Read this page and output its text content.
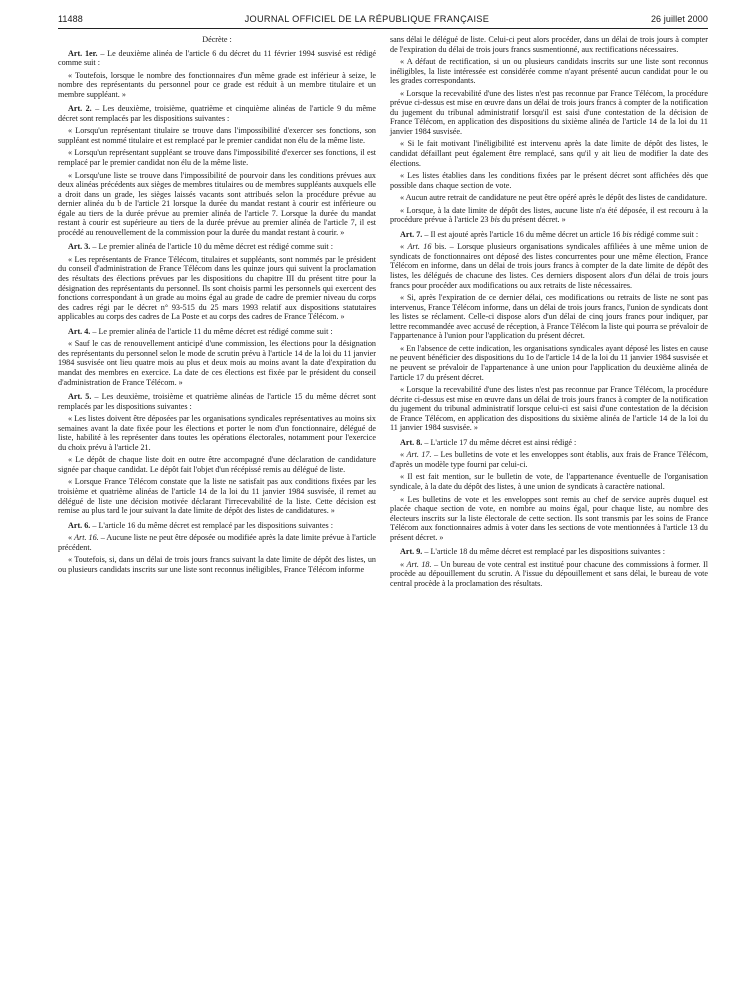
11488	JOURNAL OFFICIEL DE LA RÉPUBLIQUE FRANÇAISE	26 juillet 2000

Décrète :

Art. 1er. – Le deuxième alinéa de l'article 6 du décret du 11 février 1994 susvisé est rédigé comme suit :

« Toutefois, lorsque le nombre des fonctionnaires d'un même grade est inférieur à seize, le nombre des représentants du personnel pour ce grade est réduit à un membre titulaire et un membre suppléant. »

Art. 2. – Les deuxième, troisième, quatrième et cinquième alinéas de l'article 9 du même décret sont remplacés par les dispositions suivantes :

« Lorsqu'un représentant titulaire se trouve dans l'impossibilité d'exercer ses fonctions, son suppléant est nommé titulaire et est remplacé par le premier candidat non élu de la même liste.

« Lorsqu'un représentant suppléant se trouve dans l'impossibilité d'exercer ses fonctions, il est remplacé par le premier candidat non élu de la même liste.

« Lorsqu'une liste se trouve dans l'impossibilité de pourvoir dans les conditions prévues aux deux alinéas précédents aux sièges de membres titulaires ou de membres suppléants auxquels elle a droit dans un grade, les sièges laissés vacants sont attribués selon la procédure prévue au dernier alinéa du b de l'article 21 lorsque la durée du mandat restant à courir est inférieure ou égale au tiers de la durée prévue au premier alinéa de l'article 7. Lorsque la durée du mandat restant à courir est supérieure au tiers de la durée prévue au premier alinéa de l'article 7, il est procédé au renouvellement de la commission pour la durée du mandat restant à courir. »

Art. 3. – Le premier alinéa de l'article 10 du même décret est rédigé comme suit :

« Les représentants de France Télécom, titulaires et suppléants, sont nommés par le président du conseil d'administration de France Télécom dans les quinze jours qui suivent la proclamation des résultats des élections prévues par les dispositions du chapitre III du présent titre pour la désignation des représentants du personnel. Ils sont choisis parmi les personnels qui exercent des fonctions correspondant à un grade au moins égal au grade de cadre de premier niveau du corps des cadres régi par le décret n° 93-515 du 25 mars 1993 relatif aux dispositions statutaires applicables au corps des cadres de La Poste et au corps des cadres de France Télécom. »

Art. 4. – Le premier alinéa de l'article 11 du même décret est rédigé comme suit :

« Sauf le cas de renouvellement anticipé d'une commission, les élections pour la désignation des représentants du personnel selon le mode de scrutin prévu à l'article 14 de la loi du 11 janvier 1984 susvisée ont lieu quatre mois au plus et deux mois au moins avant la date d'expiration du mandat des membres en exercice. La date de ces élections est fixée par le président du conseil d'administration de France Télécom. »

Art. 5. – Les deuxième, troisième et quatrième alinéas de l'article 15 du même décret sont remplacés par les dispositions suivantes :

« Les listes doivent être déposées par les organisations syndicales représentatives au moins six semaines avant la date fixée pour les élections et porter le nom d'un fonctionnaire, délégué de liste, habilité à les représenter dans toutes les opérations électorales, notamment pour l'exercice du choix prévu à l'article 21.

« Le dépôt de chaque liste doit en outre être accompagné d'une déclaration de candidature signée par chaque candidat. Le dépôt fait l'objet d'un récépissé remis au délégué de liste.

« Lorsque France Télécom constate que la liste ne satisfait pas aux conditions fixées par les troisième et quatrième alinéas de l'article 14 de la loi du 11 janvier 1984 susvisée, il remet au délégué de liste une décision motivée déclarant l'irrecevabilité de la liste. Cette décision est remise au plus tard le jour suivant la date limite de dépôt des listes de candidatures. »

Art. 6. – L'article 16 du même décret est remplacé par les dispositions suivantes :

« Art. 16. – Aucune liste ne peut être déposée ou modifiée après la date limite prévue à l'article précédent.

« Toutefois, si, dans un délai de trois jours francs suivant la date limite de dépôt des listes, un ou plusieurs candidats inscrits sur une liste sont reconnus inéligibles, France Télécom informe

sans délai le délégué de liste. Celui-ci peut alors procéder, dans un délai de trois jours à compter de l'expiration du délai de trois jours francs susmentionné, aux rectifications nécessaires.

« A défaut de rectification, si un ou plusieurs candidats inscrits sur une liste sont reconnus inéligibles, la liste intéressée est considérée comme n'ayant présenté aucun candidat pour le ou les grades correspondants.

« Lorsque la recevabilité d'une des listes n'est pas reconnue par France Télécom, la procédure prévue ci-dessus est mise en œuvre dans un délai de trois jours francs à compter de la notification du jugement du tribunal administratif lorsqu'il est saisi d'une contestation de la décision de France Télécom, en application des dispositions du sixième alinéa de l'article 14 de la loi du 11 janvier 1984 susvisée.

« Si le fait motivant l'inéligibilité est intervenu après la date limite de dépôt des listes, le candidat défaillant peut également être remplacé, sans qu'il y ait lieu de modifier la date des élections.

« Les listes établies dans les conditions fixées par le présent décret sont affichées dès que possible dans chaque section de vote.

« Aucun autre retrait de candidature ne peut être opéré après le dépôt des listes de candidature.

« Lorsque, à la date limite de dépôt des listes, aucune liste n'a été déposée, il est recouru à la procédure prévue à l'article 23 bis du présent décret. »

Art. 7. – Il est ajouté après l'article 16 du même décret un article 16 bis rédigé comme suit :

« Art. 16 bis. – Lorsque plusieurs organisations syndicales affiliées à une même union de syndicats de fonctionnaires ont déposé des listes concurrentes pour une même élection, France Télécom en informe, dans un délai de trois jours francs à compter de la date limite de dépôt des listes, les délégués de chacune des listes. Ces derniers disposent alors d'un délai de trois jours francs pour procéder aux modifications ou aux retraits de liste nécessaires.

« Si, après l'expiration de ce dernier délai, ces modifications ou retraits de liste ne sont pas intervenus, France Télécom informe, dans un délai de trois jours francs, l'union de syndicats dont les listes se réclament. Celle-ci dispose alors d'un délai de cinq jours francs pour indiquer, par lettre recommandée avec accusé de réception, à France Télécom la liste qui pourra se prévaloir de l'appartenance à l'union pour l'application du présent décret.

« En l'absence de cette indication, les organisations syndicales ayant déposé les listes en cause ne peuvent bénéficier des dispositions du 1o de l'article 14 de la loi du 11 janvier 1984 susvisée et ne peuvent se prévaloir de l'appartenance à une union pour l'application du deuxième alinéa de l'article 17 du présent décret.

« Lorsque la recevabilité d'une des listes n'est pas reconnue par France Télécom, la procédure décrite ci-dessus est mise en œuvre dans un délai de trois jours francs à compter de la notification du jugement du tribunal administratif lorsque celui-ci est saisi d'une contestation de la décision de France Télécom, en application des dispositions du sixième alinéa de l'article 14 de la loi du 11 janvier 1984 susvisée. »

Art. 8. – L'article 17 du même décret est ainsi rédigé :

« Art. 17. – Les bulletins de vote et les enveloppes sont établis, aux frais de France Télécom, d'après un modèle type fourni par celui-ci.

« Il est fait mention, sur le bulletin de vote, de l'appartenance éventuelle de l'organisation syndicale, à la date du dépôt des listes, à une union de syndicats à caractère national.

« Les bulletins de vote et les enveloppes sont remis au chef de service auprès duquel est placée chaque section de vote, en nombre au moins égal, pour chaque liste, au nombre des électeurs inscrits sur la liste électorale de cette section. Ils sont transmis par les soins de France Télécom aux fonctionnaires admis à voter dans les sections de vote mentionnées à l'article 13 du présent décret. »

Art. 9. – L'article 18 du même décret est remplacé par les dispositions suivantes :

« Art. 18. – Un bureau de vote central est institué pour chacune des commissions à former. Il procède au dépouillement du scrutin. A l'issue du dépouillement et sans délai, le bureau de vote central procède à la proclamation des résultats.
